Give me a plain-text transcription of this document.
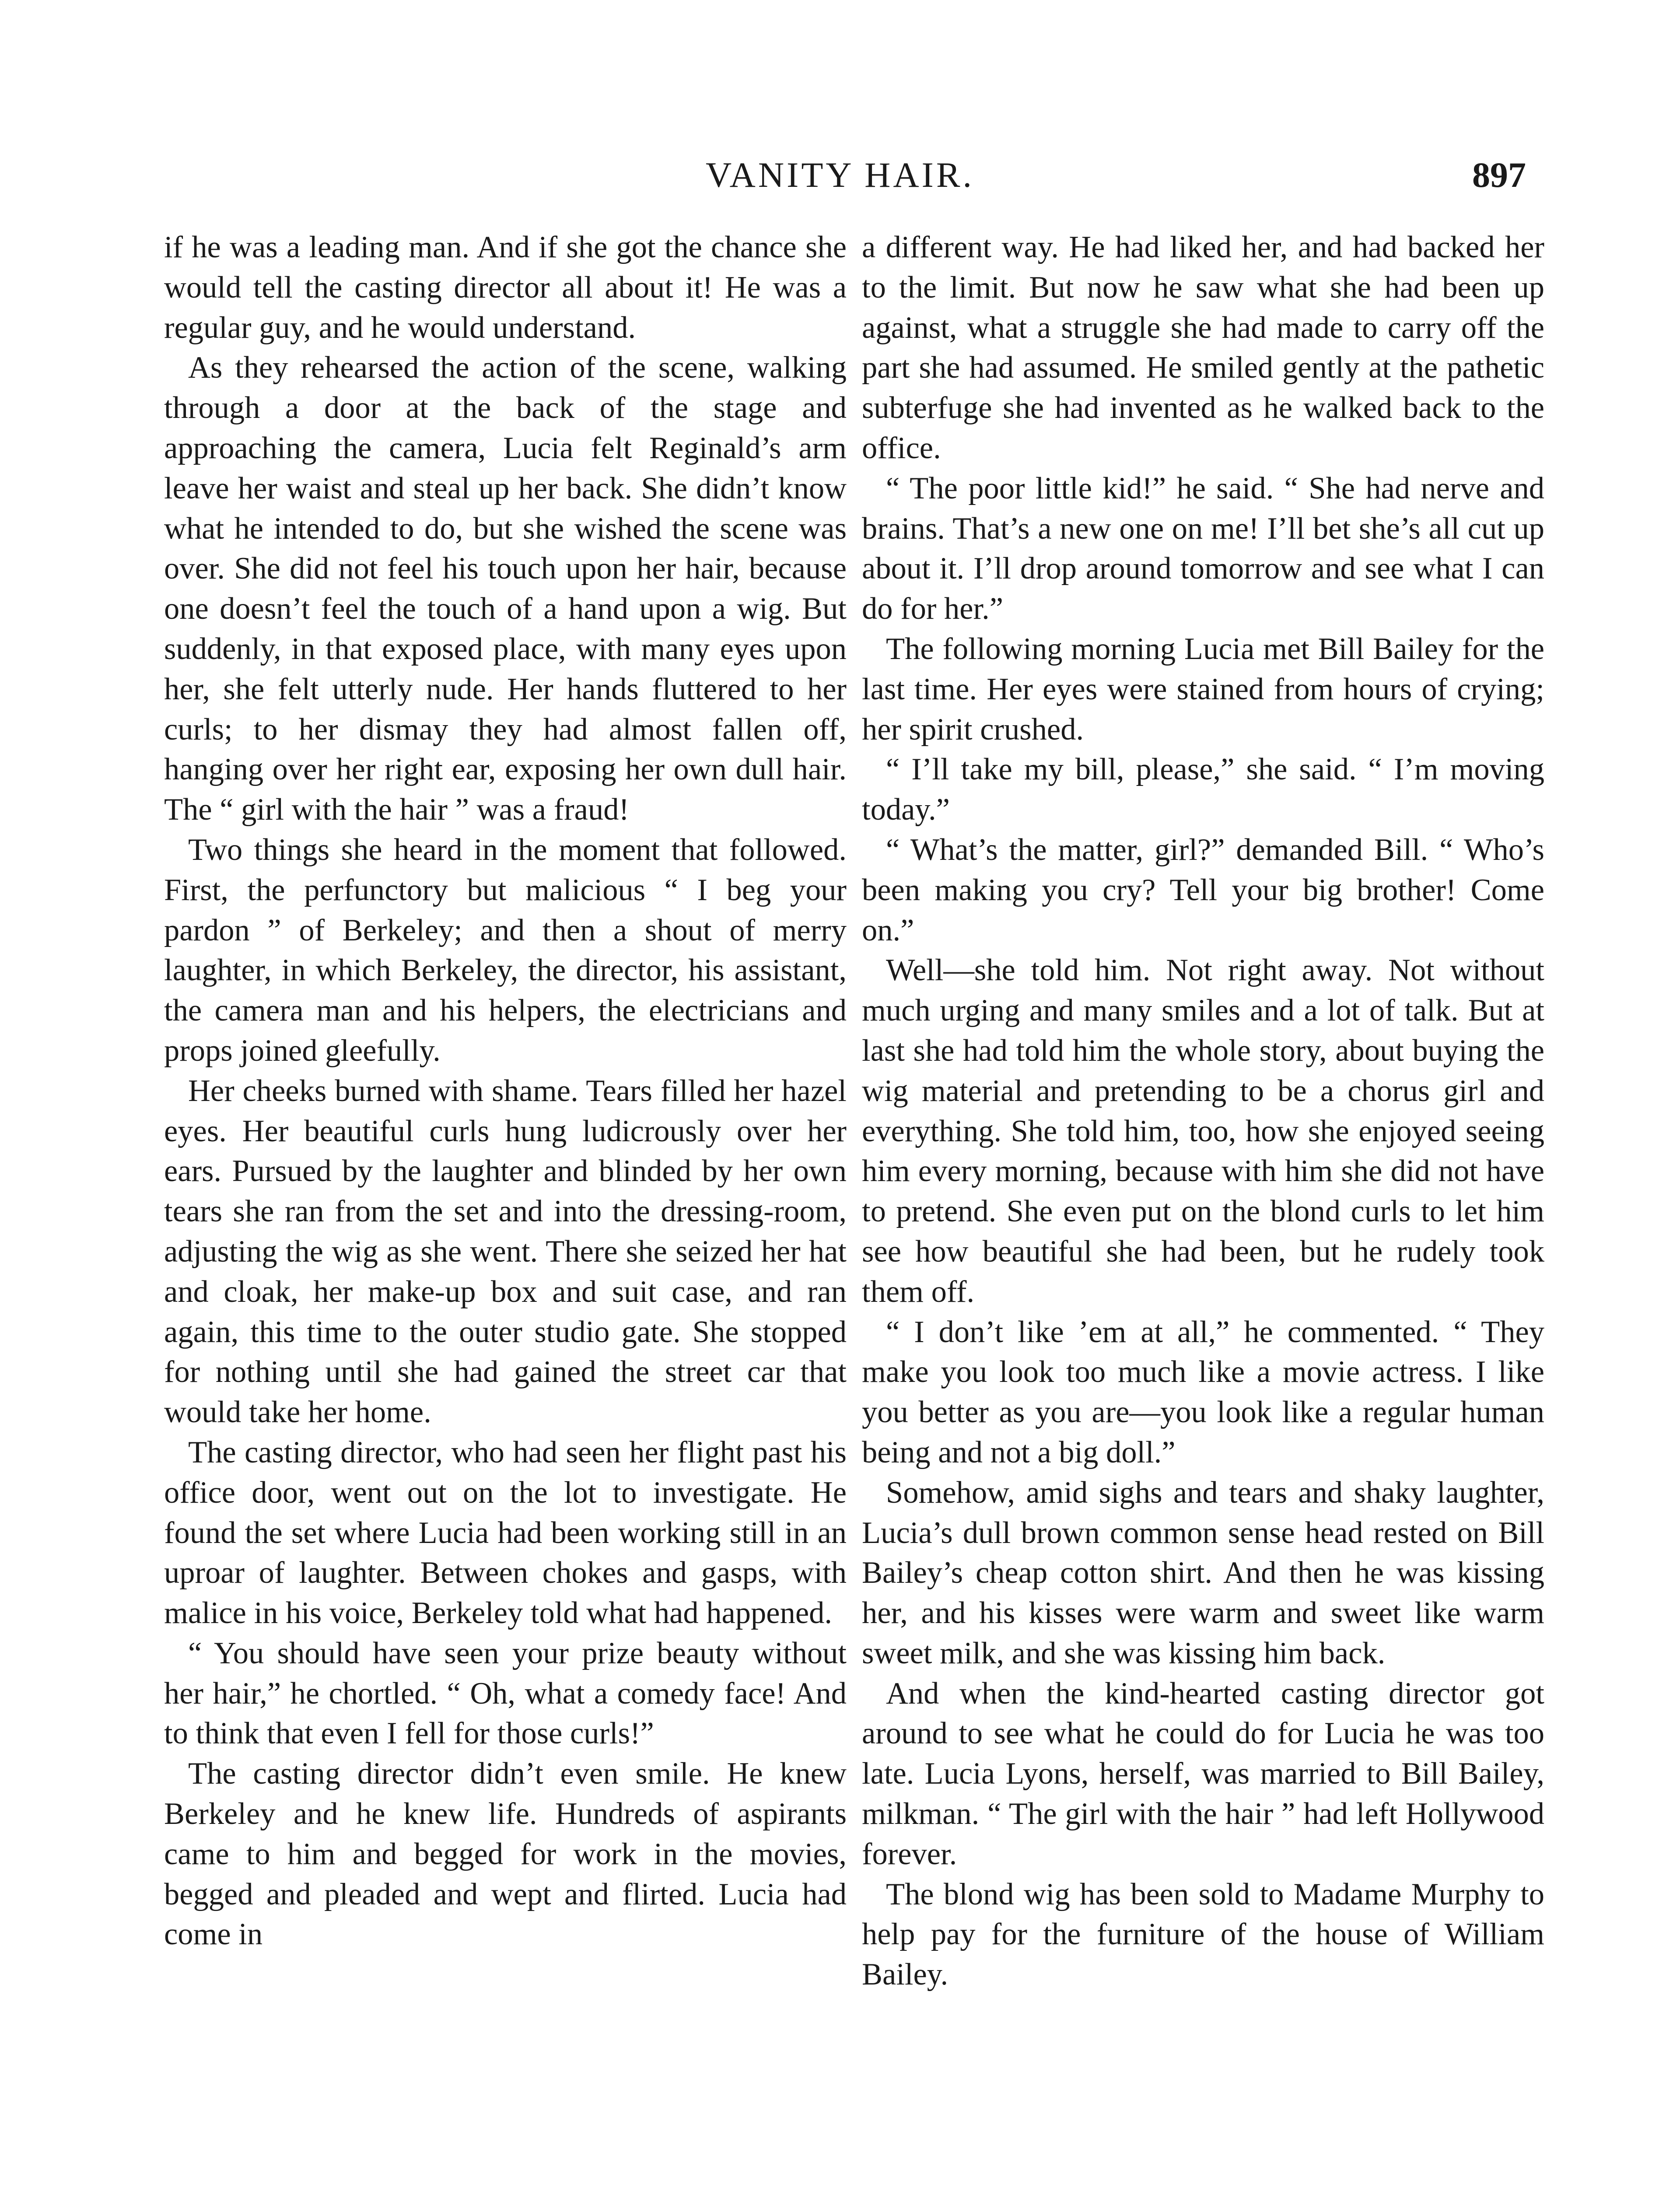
VANITY HAIR.	897

if he was a leading man. And if she got the chance she would tell the casting director all about it! He was a regular guy, and he would understand.

As they rehearsed the action of the scene, walking through a door at the back of the stage and approaching the camera, Lucia felt Reginald’s arm leave her waist and steal up her back. She didn’t know what he intended to do, but she wished the scene was over. She did not feel his touch upon her hair, because one doesn’t feel the touch of a hand upon a wig. But suddenly, in that exposed place, with many eyes upon her, she felt utterly nude. Her hands fluttered to her curls; to her dismay they had almost fallen off, hanging over her right ear, exposing her own dull hair. The “ girl with the hair ” was a fraud!

Two things she heard in the moment that followed. First, the perfunctory but malicious “ I beg your pardon ” of Berkeley; and then a shout of merry laughter, in which Berkeley, the director, his assistant, the camera man and his helpers, the electricians and props joined gleefully.

Her cheeks burned with shame. Tears filled her hazel eyes. Her beautiful curls hung ludicrously over her ears. Pursued by the laughter and blinded by her own tears she ran from the set and into the dressing-room, adjusting the wig as she went. There she seized her hat and cloak, her make-up box and suit case, and ran again, this time to the outer studio gate. She stopped for nothing until she had gained the street car that would take her home.

The casting director, who had seen her flight past his office door, went out on the lot to investigate. He found the set where Lucia had been working still in an uproar of laughter. Between chokes and gasps, with malice in his voice, Berkeley told what had happened.

“ You should have seen your prize beauty without her hair,” he chortled. “ Oh, what a comedy face! And to think that even I fell for those curls!”

The casting director didn’t even smile. He knew Berkeley and he knew life. Hundreds of aspirants came to him and begged for work in the movies, begged and pleaded and wept and flirted. Lucia had come in

a different way. He had liked her, and had backed her to the limit. But now he saw what she had been up against, what a struggle she had made to carry off the part she had assumed. He smiled gently at the pathetic subterfuge she had invented as he walked back to the office.

“ The poor little kid!” he said. “ She had nerve and brains. That’s a new one on me! I’ll bet she’s all cut up about it. I’ll drop around tomorrow and see what I can do for her.”

The following morning Lucia met Bill Bailey for the last time. Her eyes were stained from hours of crying; her spirit crushed.

“ I’ll take my bill, please,” she said. “ I’m moving today.”

“ What’s the matter, girl?” demanded Bill. “ Who’s been making you cry? Tell your big brother! Come on.”

Well—she told him. Not right away. Not without much urging and many smiles and a lot of talk. But at last she had told him the whole story, about buying the wig material and pretending to be a chorus girl and everything. She told him, too, how she enjoyed seeing him every morning, because with him she did not have to pretend. She even put on the blond curls to let him see how beautiful she had been, but he rudely took them off.

“ I don’t like ’em at all,” he commented. “ They make you look too much like a movie actress. I like you better as you are—you look like a regular human being and not a big doll.”

Somehow, amid sighs and tears and shaky laughter, Lucia’s dull brown common sense head rested on Bill Bailey’s cheap cotton shirt. And then he was kissing her, and his kisses were warm and sweet like warm sweet milk, and she was kissing him back.

And when the kind-hearted casting director got around to see what he could do for Lucia he was too late. Lucia Lyons, herself, was married to Bill Bailey, milkman. “ The girl with the hair ” had left Hollywood forever.

The blond wig has been sold to Madame Murphy to help pay for the furniture of the house of William Bailey.
